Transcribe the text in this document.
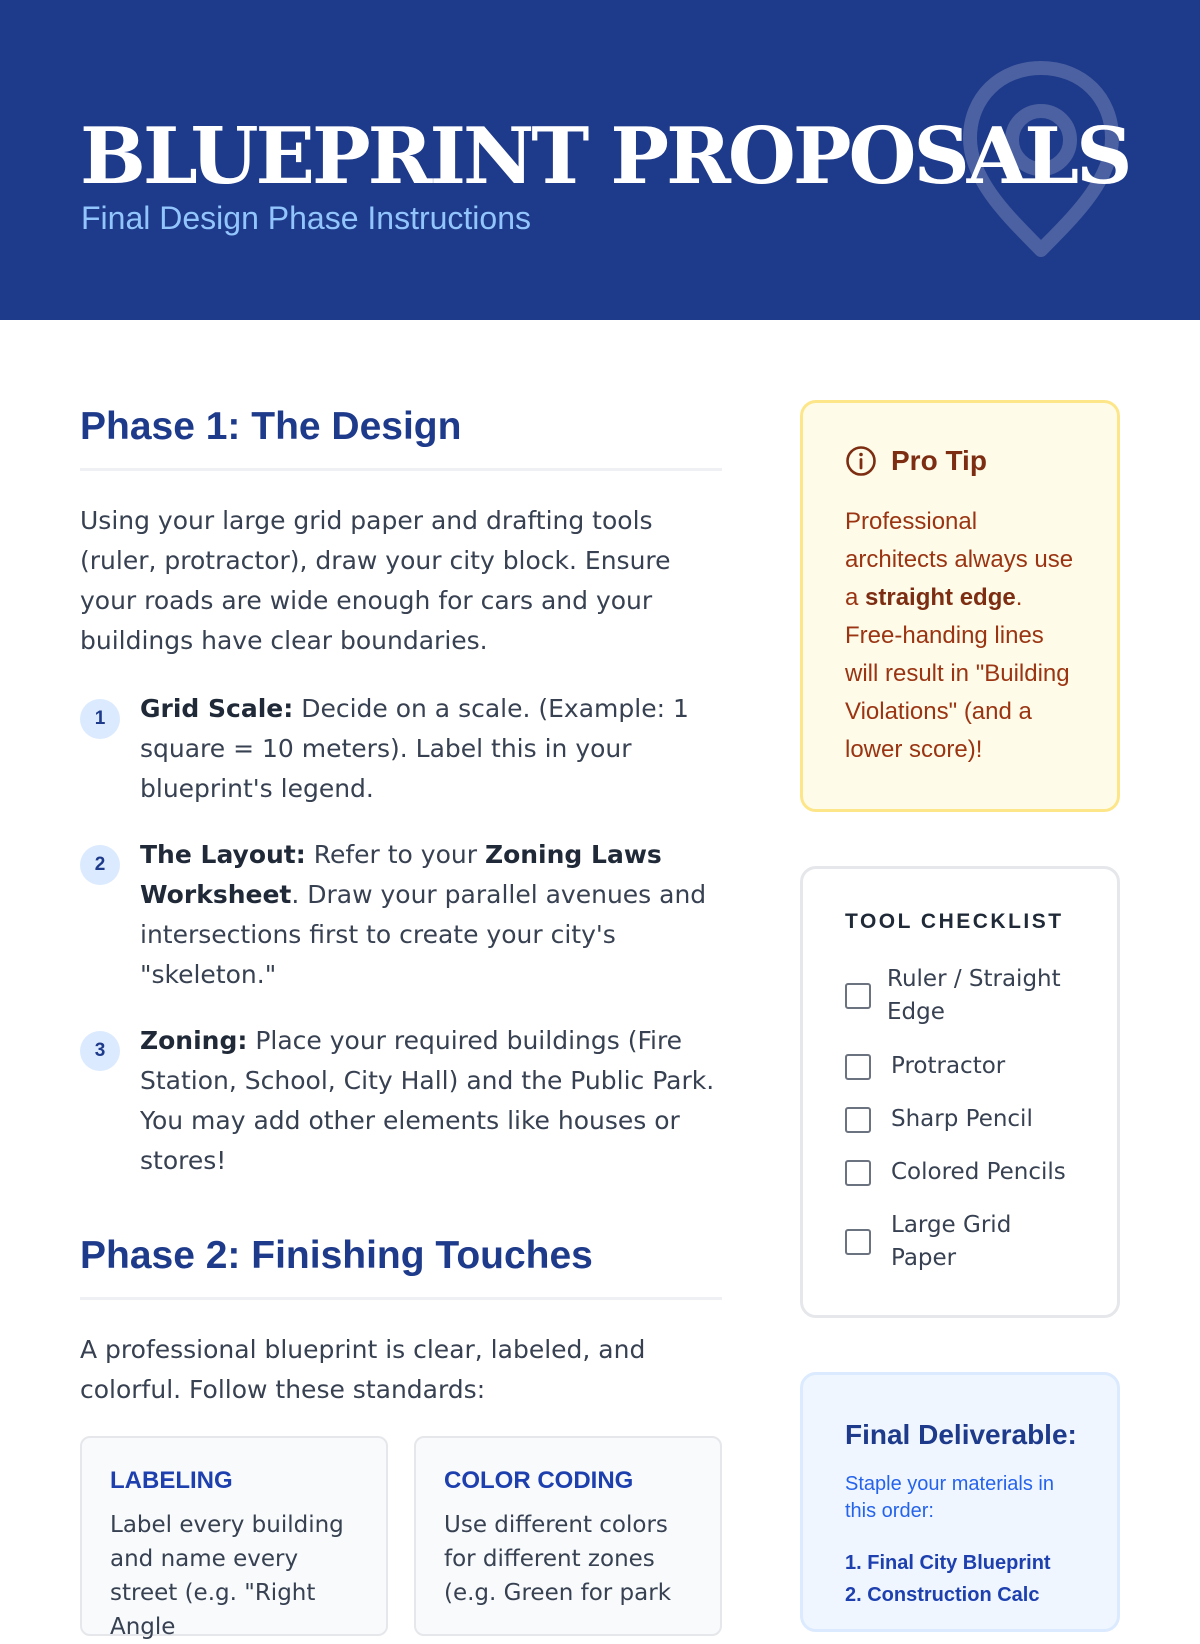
BLUEPRINT PROPOSALS
Final Design Phase Instructions
Phase 1: The Design

Using your large grid paper and drafting tools (ruler, protractor), draw your city block. Ensure your roads are wide enough for cars and your buildings have clear boundaries.

1	Grid Scale: Decide on a scale. (Example: 1 square = 10 meters). Label this in your blueprint's legend.
2	The Layout: Refer to your Zoning Laws Worksheet. Draw your parallel avenues and intersections first to create your city's "skeleton."
3	Zoning: Place your required buildings (Fire Station, School, City Hall) and the Public Park. You may add other elements like houses or stores!
Phase 2: Finishing Touches

A professional blueprint is clear, labeled, and colorful. Follow these standards:

LABELING
Label every building and name every street (e.g. "Right Angle
COLOR CODING
Use different colors for different zones (e.g. Green for park
Pro Tip

Professional architects always use a straight edge. Free-handing lines will result in "Building Violations" (and a lower score)!

TOOL CHECKLIST
Ruler / Straight Edge
Protractor
Sharp Pencil
Colored Pencils
Large Grid Paper
Final Deliverable:

Staple your materials in this order:

1. Final City Blueprint
2. Construction Calc
